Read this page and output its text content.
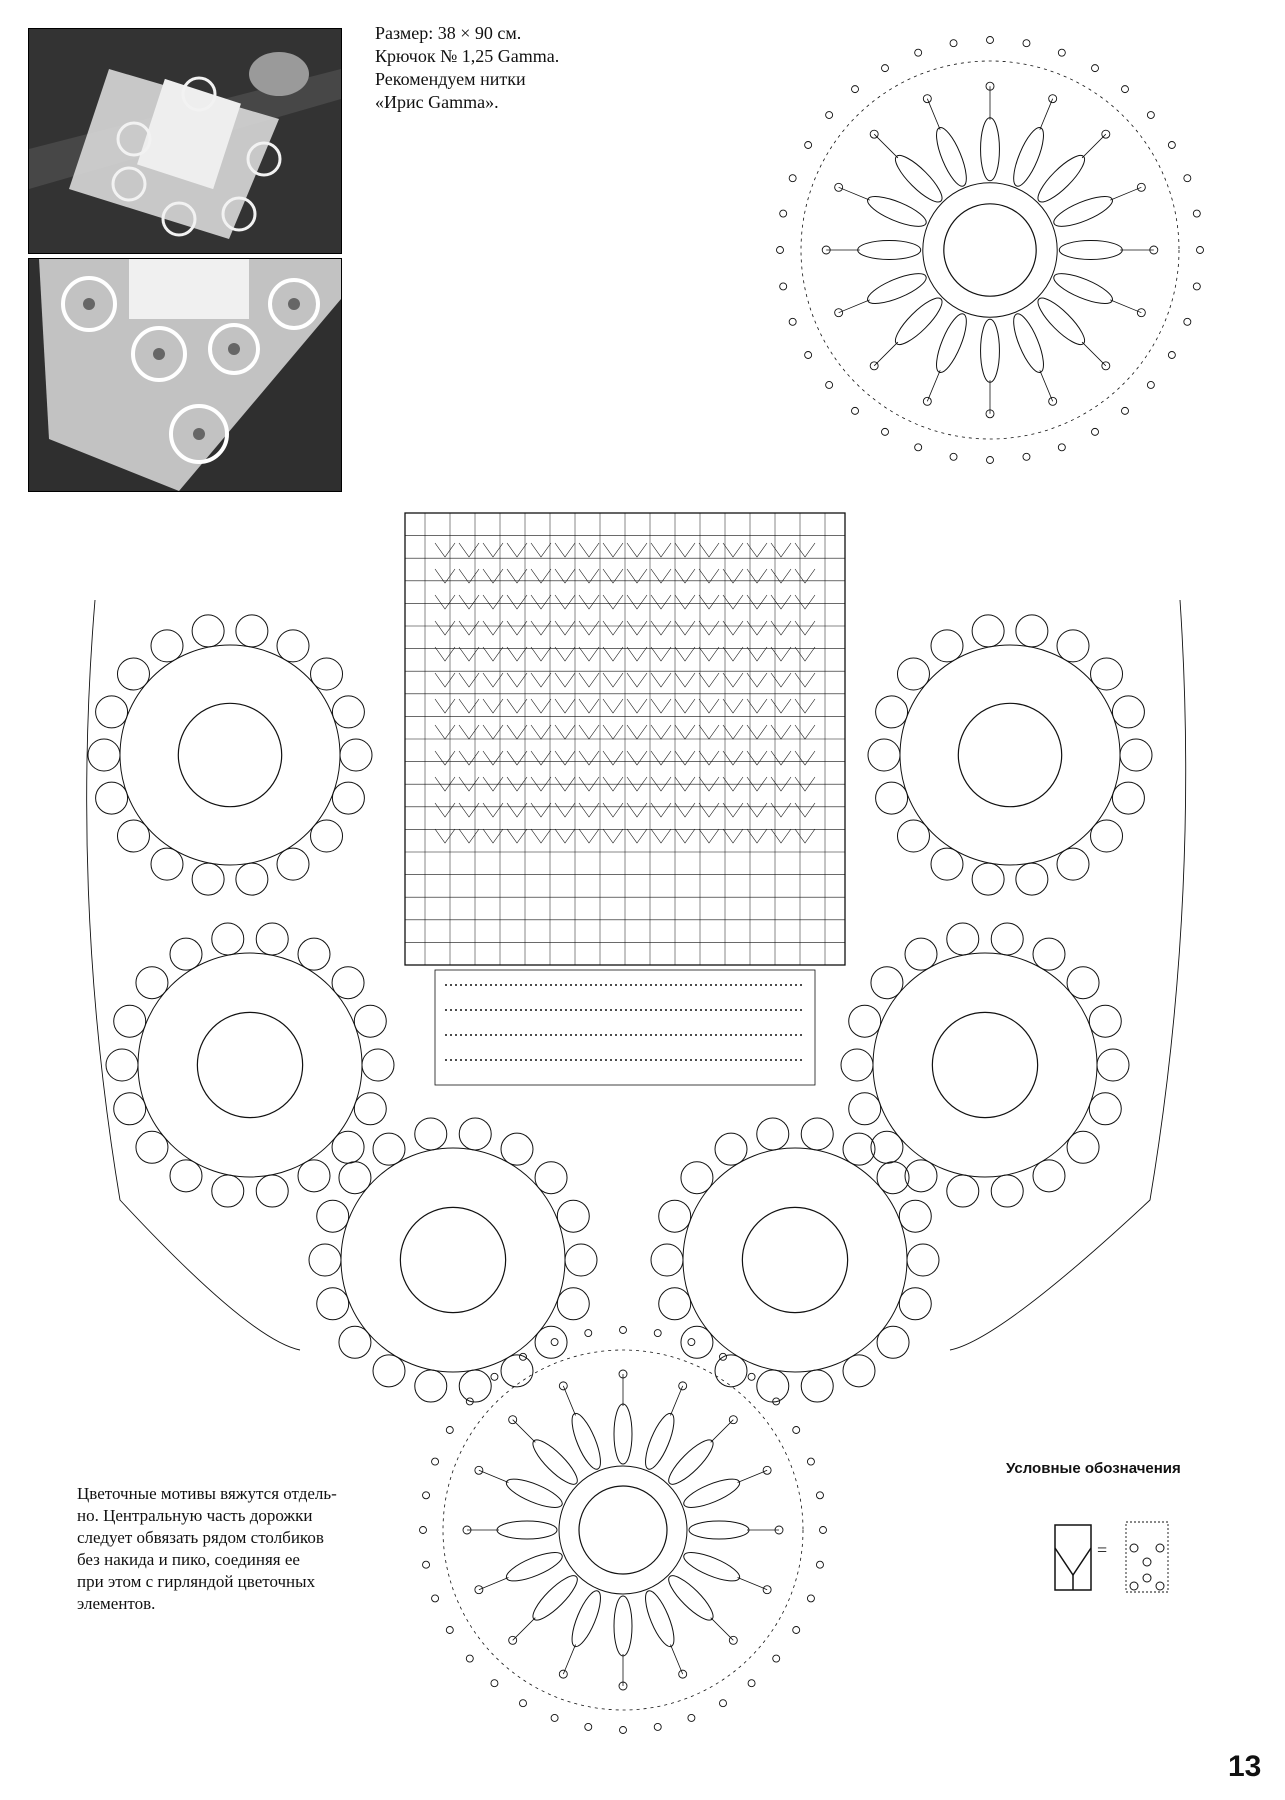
Размер: 38 × 90 см.
Крючок № 1,25 Gamma.
Рекомендуем нитки
«Ирис Gamma».
Цветочные мотивы вяжутся отдель-
но. Центральную часть дорожки
следует обвязать рядом столбиков
без накида и пико, соединяя ее
при этом с гирляндой цветочных
элементов.
Условные обозначения
=
13
